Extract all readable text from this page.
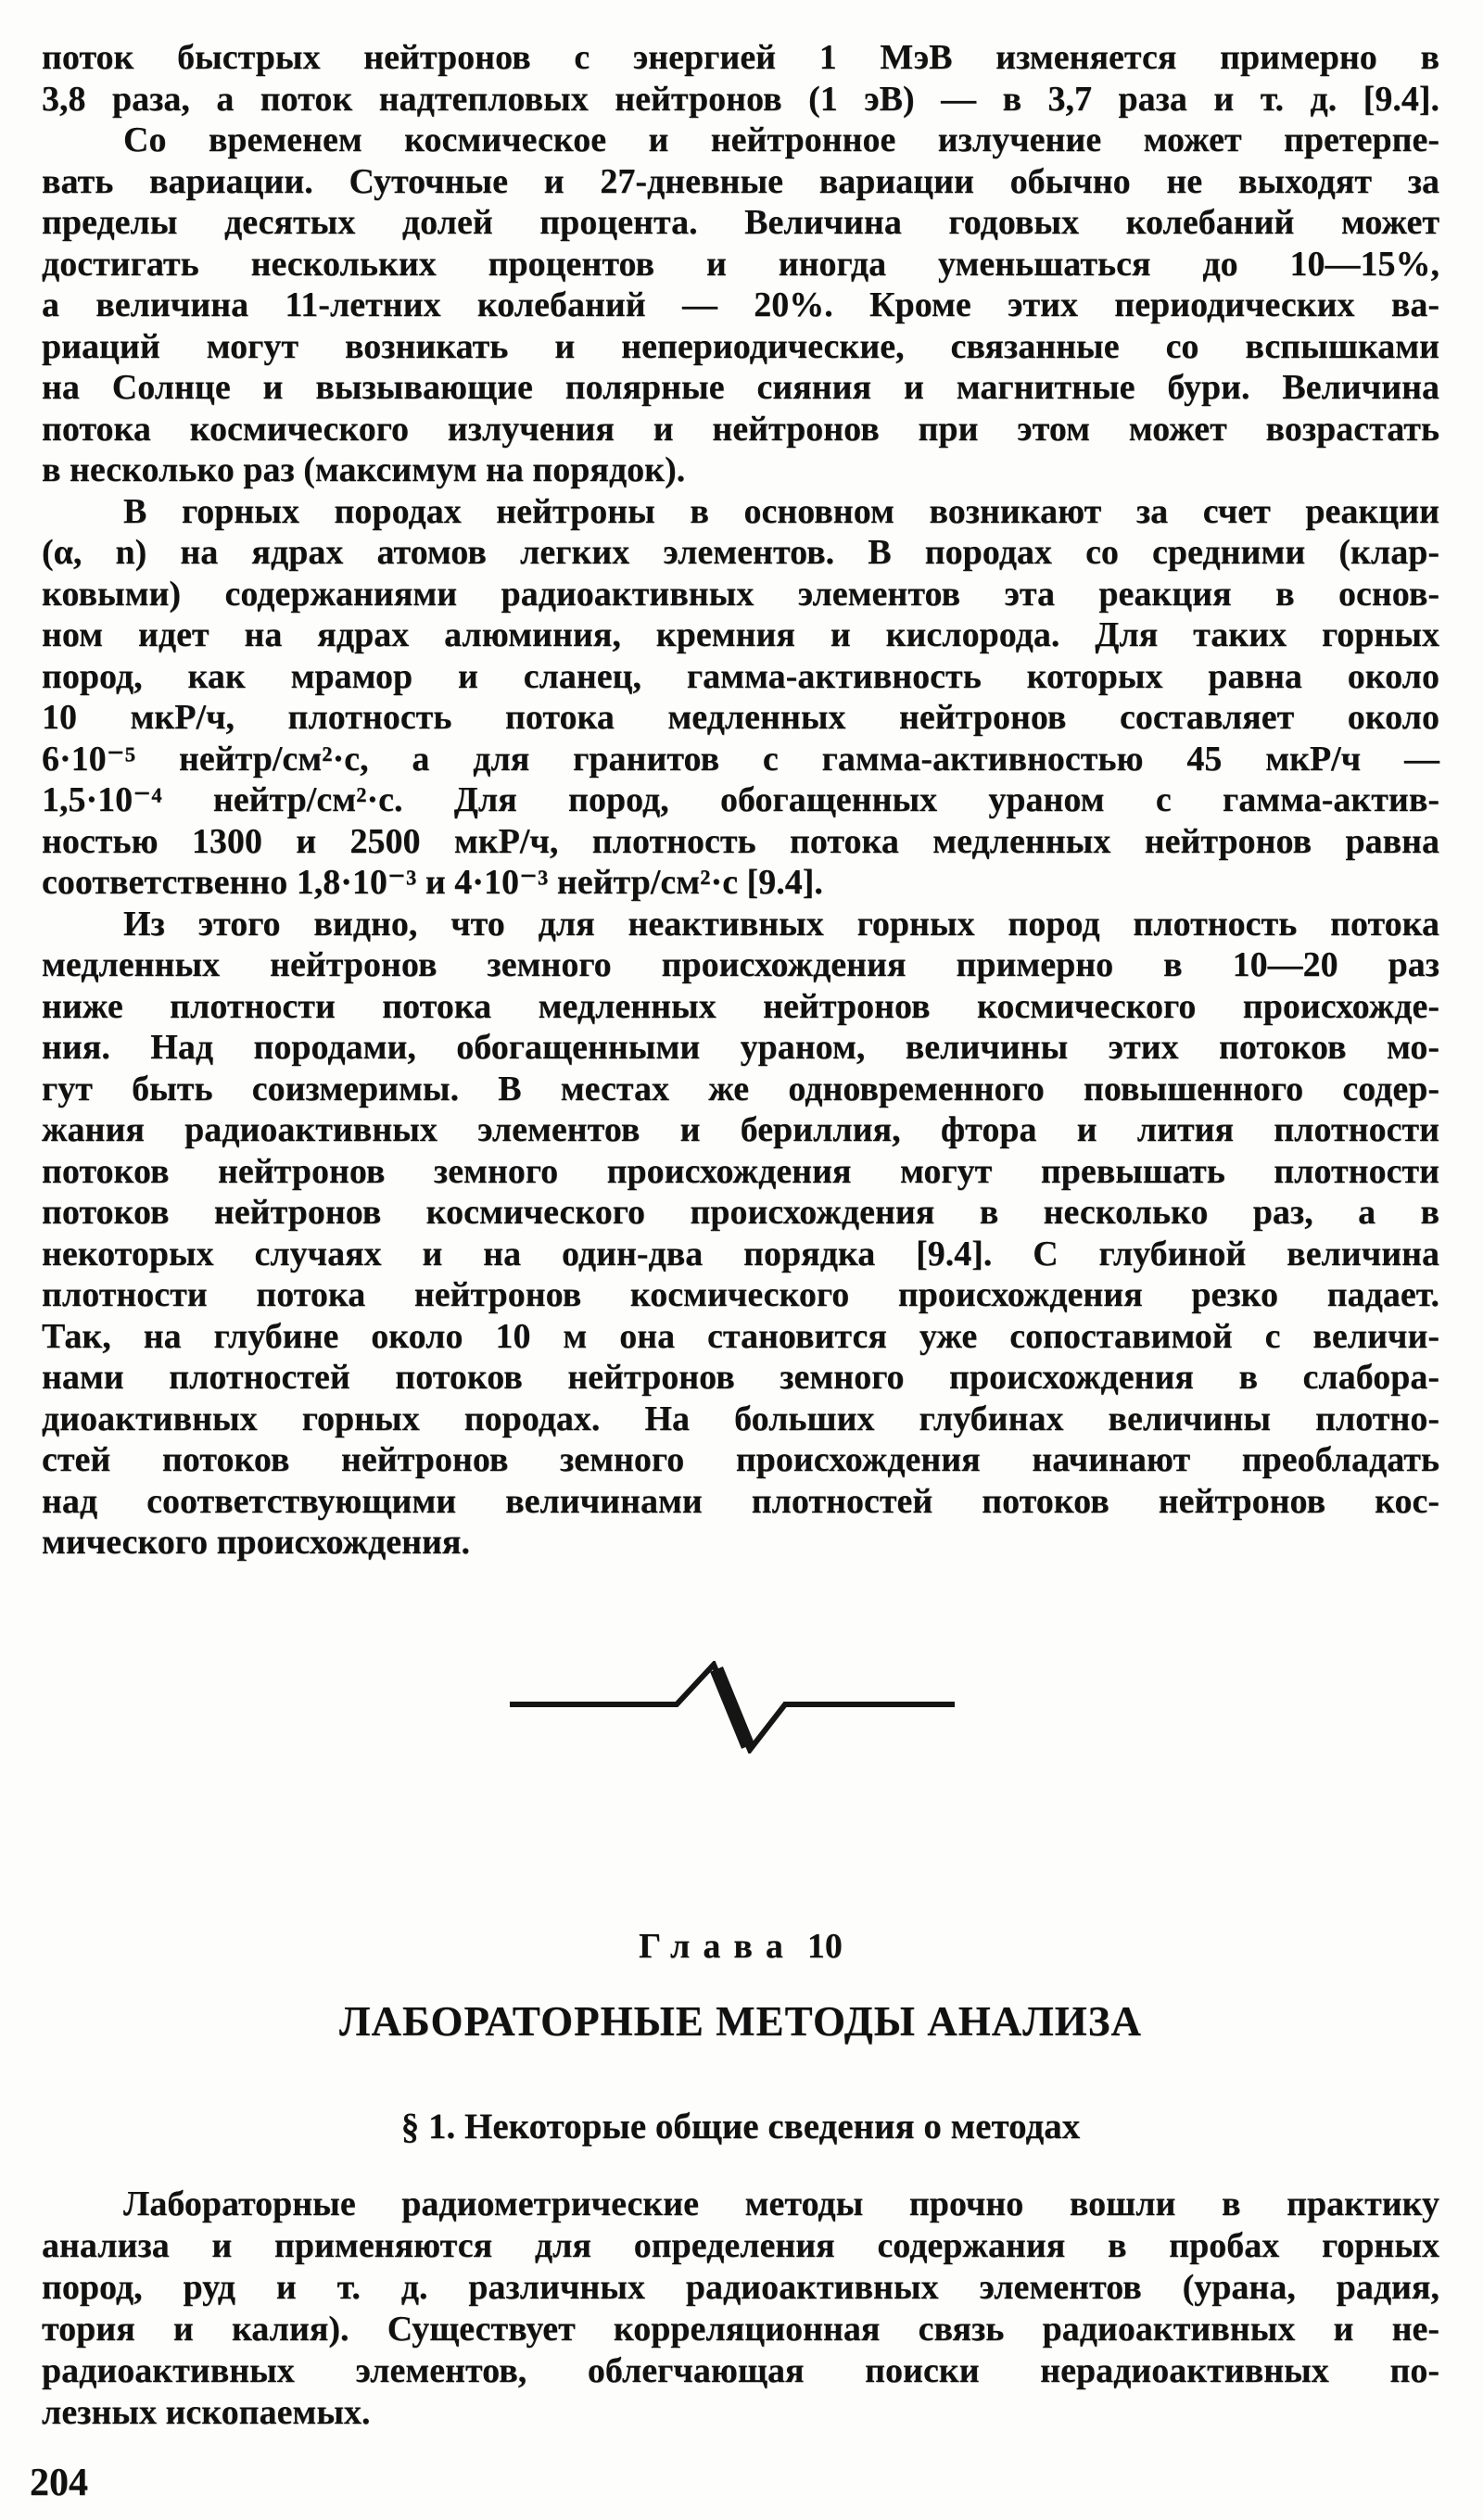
поток быстрых нейтронов с энергией 1 МэВ изменяется примерно в
3,8 раза, а поток надтепловых нейтронов (1 эВ) — в 3,7 раза и т. д. [9.4].
Со временем космическое и нейтронное излучение может претерпе-
вать вариации. Суточные и 27-дневные вариации обычно не выходят за
пределы десятых долей процента. Величина годовых колебаний может
достигать нескольких процентов и иногда уменьшаться до 10—15%,
а величина 11-летних колебаний — 20%. Кроме этих периодических ва-
риаций могут возникать и непериодические, связанные со вспышками
на Солнце и вызывающие полярные сияния и магнитные бури. Величина
потока космического излучения и нейтронов при этом может возрастать
в несколько раз (максимум на порядок).
В горных породах нейтроны в основном возникают за счет реакции
(α, n) на ядрах атомов легких элементов. В породах со средними (клар-
ковыми) содержаниями радиоактивных элементов эта реакция в основ-
ном идет на ядрах алюминия, кремния и кислорода. Для таких горных
пород, как мрамор и сланец, гамма-активность которых равна около
10 мкР/ч, плотность потока медленных нейтронов составляет около
6·10⁻⁵ нейтр/см²·с, а для гранитов с гамма-активностью 45 мкР/ч —
1,5·10⁻⁴ нейтр/см²·с. Для пород, обогащенных ураном с гамма-актив-
ностью 1300 и 2500 мкР/ч, плотность потока медленных нейтронов равна
соответственно 1,8·10⁻³ и 4·10⁻³ нейтр/см²·с [9.4].
Из этого видно, что для неактивных горных пород плотность потока
медленных нейтронов земного происхождения примерно в 10—20 раз
ниже плотности потока медленных нейтронов космического происхожде-
ния. Над породами, обогащенными ураном, величины этих потоков мо-
гут быть соизмеримы. В местах же одновременного повышенного содер-
жания радиоактивных элементов и бериллия, фтора и лития плотности
потоков нейтронов земного происхождения могут превышать плотности
потоков нейтронов космического происхождения в несколько раз, а в
некоторых случаях и на один-два порядка [9.4]. С глубиной величина
плотности потока нейтронов космического происхождения резко падает.
Так, на глубине около 10 м она становится уже сопоставимой с величи-
нами плотностей потоков нейтронов земного происхождения в слабора-
диоактивных горных породах. На больших глубинах величины плотно-
стей потоков нейтронов земного происхождения начинают преобладать
над соответствующими величинами плотностей потоков нейтронов кос-
мического происхождения.
Глава 10
ЛАБОРАТОРНЫЕ МЕТОДЫ АНАЛИЗА
§ 1. Некоторые общие сведения о методах
Лабораторные радиометрические методы прочно вошли в практику
анализа и применяются для определения содержания в пробах горных
пород, руд и т. д. различных радиоактивных элементов (урана, радия,
тория и калия). Существует корреляционная связь радиоактивных и не-
радиоактивных элементов, облегчающая поиски нерадиоактивных по-
лезных ископаемых.
204
